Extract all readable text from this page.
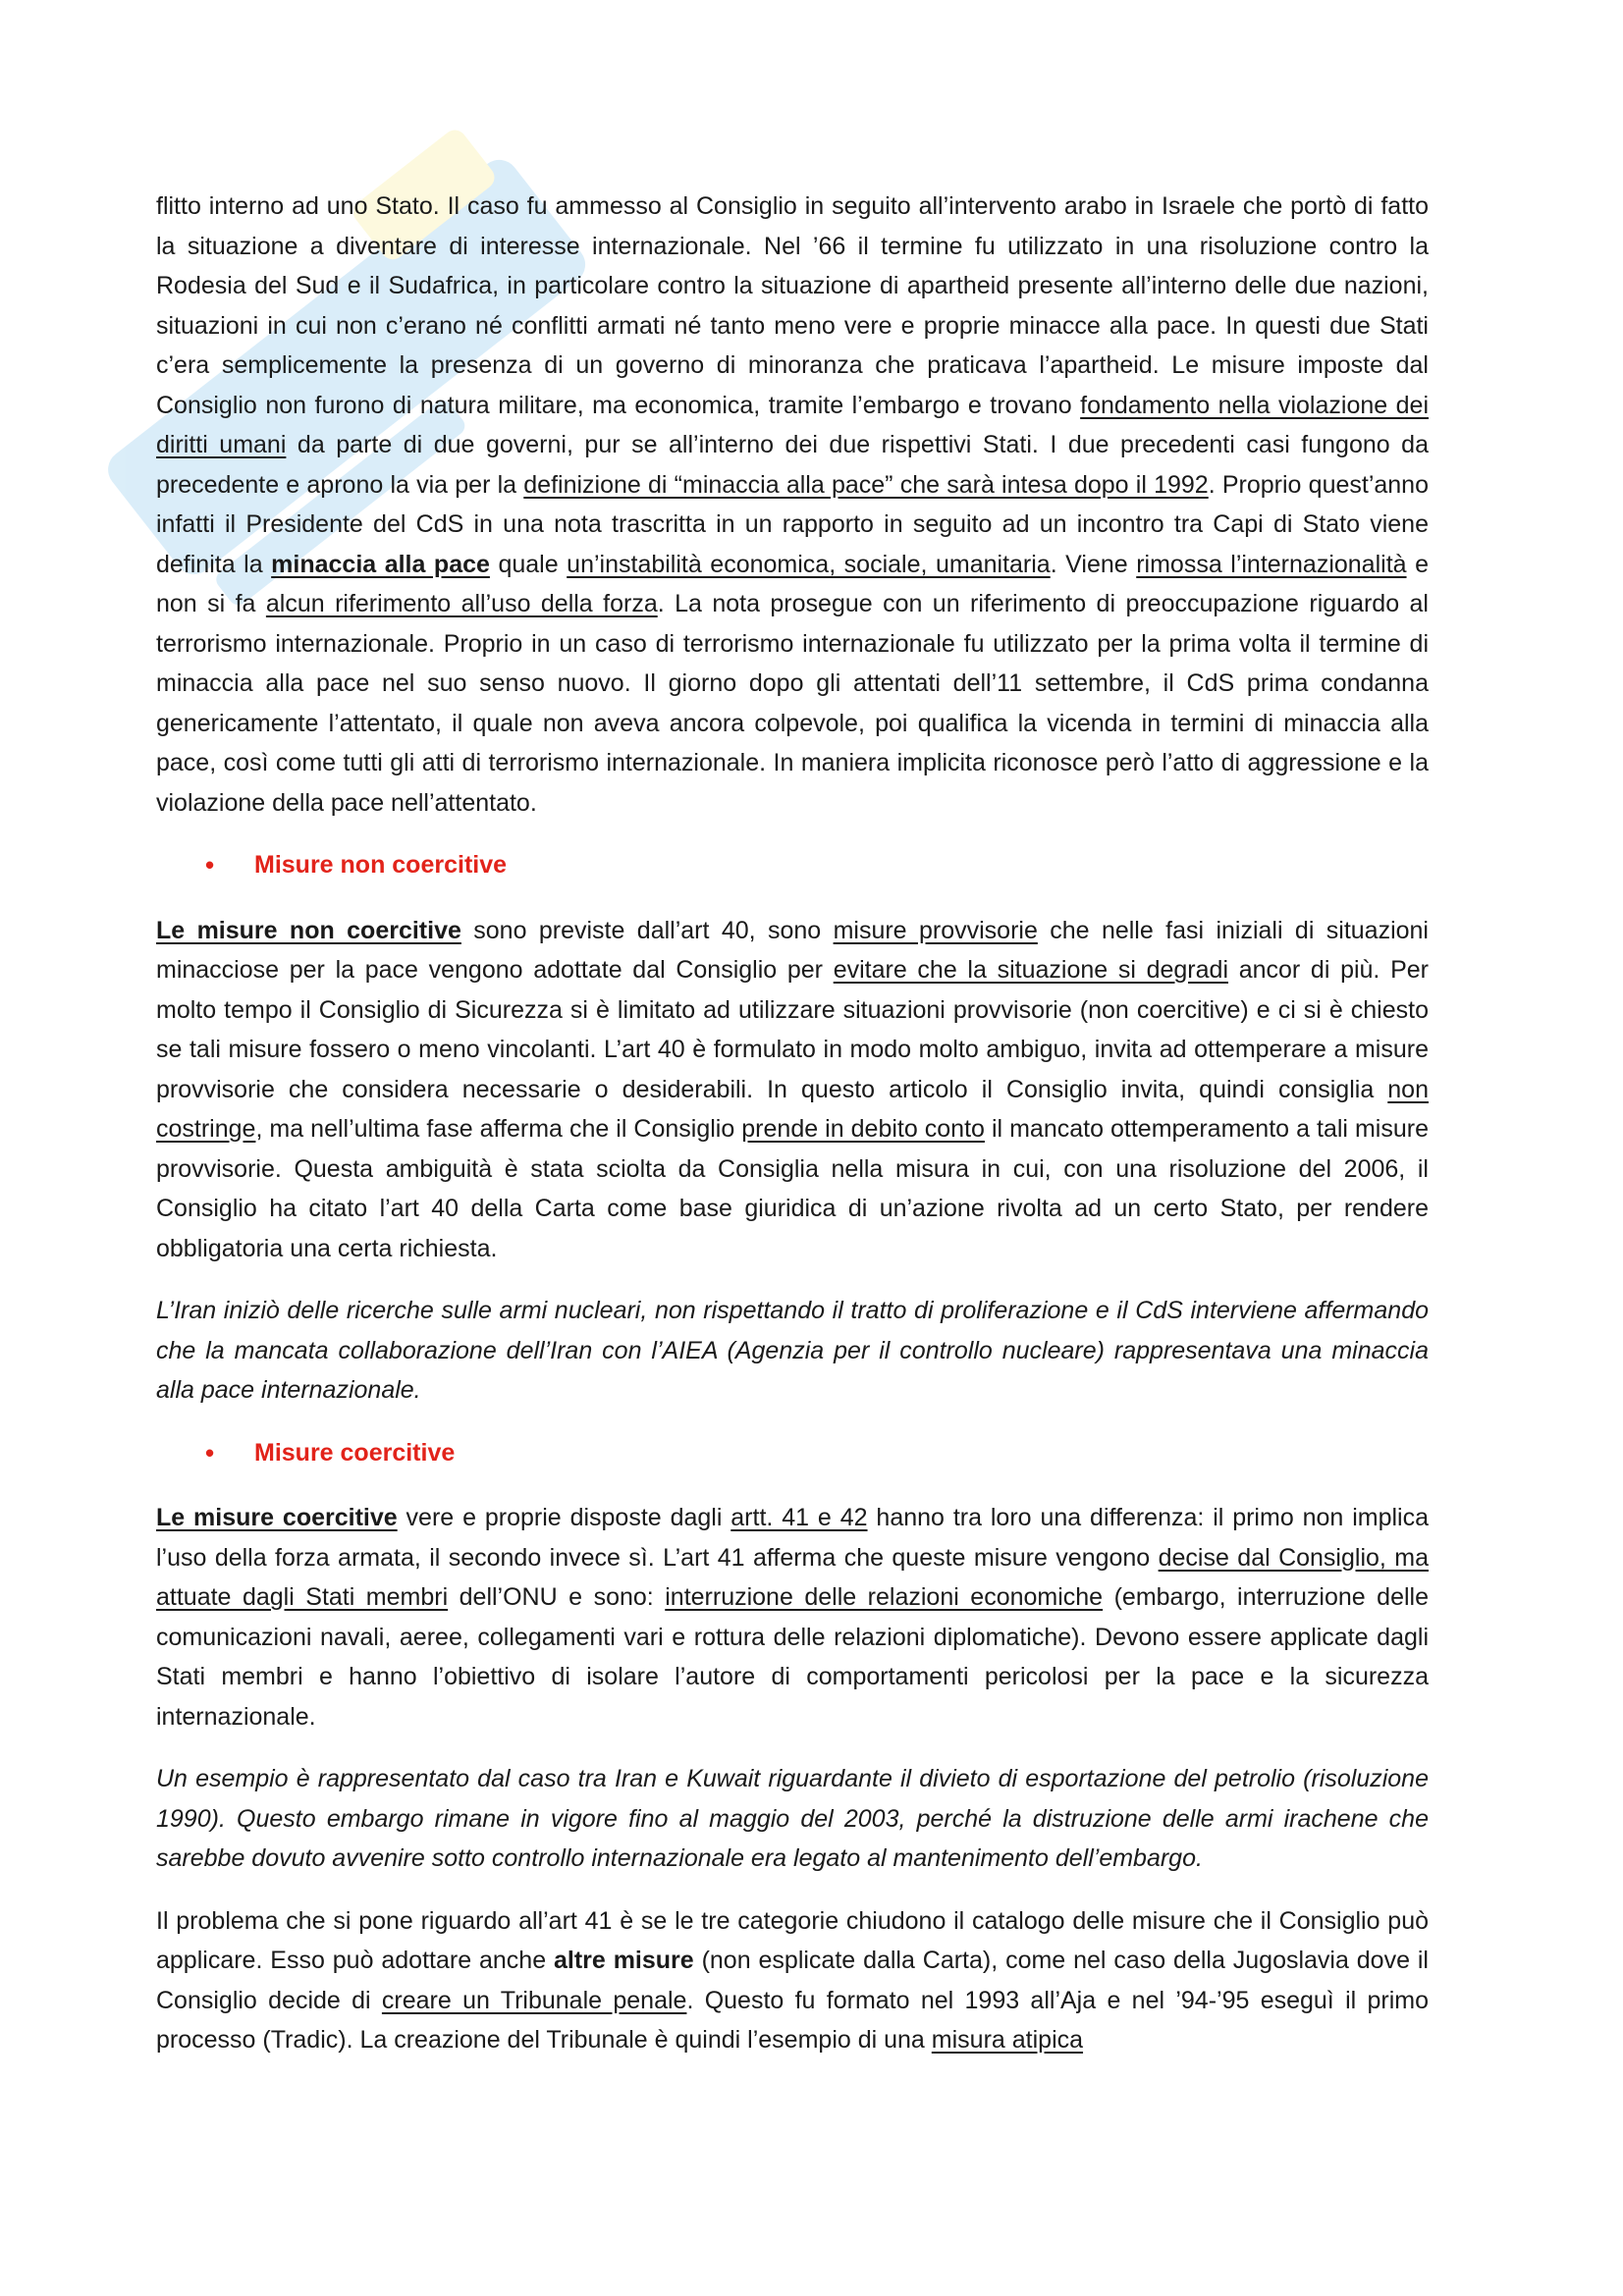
flitto interno ad uno Stato. Il caso fu ammesso al Consiglio in seguito all’intervento arabo in Israele che portò di fatto la situazione a diventare di interesse internazionale. Nel ’66 il termine fu utilizzato in una risoluzione contro la Rodesia del Sud e il Sudafrica, in particolare contro la situazione di apartheid presente all’interno delle due nazioni, situazioni in cui non c’erano né conflitti armati né tanto meno vere e proprie minacce alla pace. In questi due Stati c’era semplicemente la presenza di un governo di minoranza che praticava l’apartheid. Le misure imposte dal Consiglio non furono di natura militare, ma economica, tramite l’embargo e trovano fondamento nella violazione dei diritti umani da parte di due governi, pur se all’interno dei due rispettivi Stati. I due precedenti casi fungono da precedente e aprono la via per la definizione di “minaccia alla pace” che sarà intesa dopo il 1992. Proprio quest’anno infatti il Presidente del CdS in una nota trascritta in un rapporto in seguito ad un incontro tra Capi di Stato viene definita la minaccia alla pace quale un’instabilità economica, sociale, umanitaria. Viene rimossa l’internazionalità e non si fa alcun riferimento all’uso della forza. La nota prosegue con un riferimento di preoccupazione riguardo al terrorismo internazionale. Proprio in un caso di terrorismo internazionale fu utilizzato per la prima volta il termine di minaccia alla pace nel suo senso nuovo. Il giorno dopo gli attentati dell’11 settembre, il CdS prima condanna genericamente l’attentato, il quale non aveva ancora colpevole, poi qualifica la vicenda in termini di minaccia alla pace, così come tutti gli atti di terrorismo internazionale. In maniera implicita riconosce però l’atto di aggressione e la violazione della pace nell’attentato.

•	Misure non coercitive

Le misure non coercitive sono previste dall’art 40, sono misure provvisorie che nelle fasi iniziali di situazioni minacciose per la pace vengono adottate dal Consiglio per evitare che la situazione si degradi ancor di più. Per molto tempo il Consiglio di Sicurezza si è limitato ad utilizzare situazioni provvisorie (non coercitive) e ci si è chiesto se tali misure fossero o meno vincolanti. L’art 40 è formulato in modo molto ambiguo, invita ad ottemperare a misure provvisorie che considera necessarie o desiderabili. In questo articolo il Consiglio invita, quindi consiglia non costringe, ma nell’ultima fase afferma che il Consiglio prende in debito conto il mancato ottemperamento a tali misure provvisorie. Questa ambiguità è stata sciolta da Consiglia nella misura in cui, con una risoluzione del 2006, il Consiglio ha citato l’art 40 della Carta come base giuridica di un’azione rivolta ad un certo Stato, per rendere obbligatoria una certa richiesta.

L’Iran iniziò delle ricerche sulle armi nucleari, non rispettando il tratto di proliferazione e il CdS interviene affermando che la mancata collaborazione dell’Iran con l’AIEA (Agenzia per il controllo nucleare) rappresentava una minaccia alla pace internazionale.

•	Misure coercitive

Le misure coercitive vere e proprie disposte dagli artt. 41 e 42 hanno tra loro una differenza: il primo non implica l’uso della forza armata, il secondo invece sì. L’art 41 afferma che queste misure vengono decise dal Consiglio, ma attuate dagli Stati membri dell’ONU e sono: interruzione delle relazioni economiche (embargo, interruzione delle comunicazioni navali, aeree, collegamenti vari e rottura delle relazioni diplomatiche). Devono essere applicate dagli Stati membri e hanno l’obiettivo di isolare l’autore di comportamenti pericolosi per la pace e la sicurezza internazionale.

Un esempio è rappresentato dal caso tra Iran e Kuwait riguardante il divieto di esportazione del petrolio (risoluzione 1990). Questo embargo rimane in vigore fino al maggio del 2003, perché la distruzione delle armi irachene che sarebbe dovuto avvenire sotto controllo internazionale era legato al mantenimento dell’embargo.

Il problema che si pone riguardo all’art 41 è se le tre categorie chiudono il catalogo delle misure che il Consiglio può applicare. Esso può adottare anche altre misure (non esplicate dalla Carta), come nel caso della Jugoslavia dove il Consiglio decide di creare un Tribunale penale. Questo fu formato nel 1993 all’Aja e nel ’94-’95 eseguì il primo processo (Tradic). La creazione del Tribunale è quindi l’esempio di una misura atipica
